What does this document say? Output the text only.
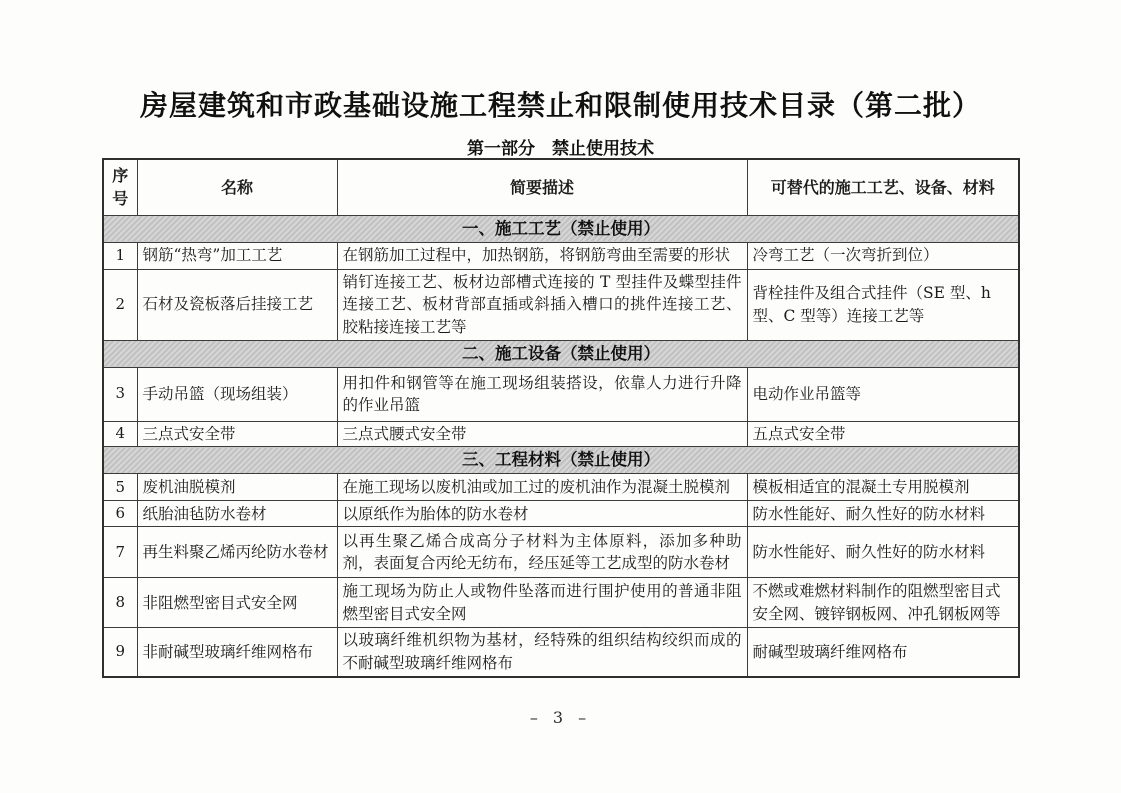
房屋建筑和市政基础设施工程禁止和限制使用技术目录（第二批）
第一部分　禁止使用技术
序号	名称	简要描述	可替代的施工工艺、设备、材料
一、施工工艺（禁止使用）			
1	钢筋“热弯”加工工艺	在钢筋加工过程中，加热钢筋，将钢筋弯曲至需要的形状	冷弯工艺（一次弯折到位）
2	石材及瓷板落后挂接工艺	销钉连接工艺、板材边部槽式连接的 T 型挂件及蝶型挂件连接工艺、板材背部直插或斜插入槽口的挑件连接工艺、胶粘接连接工艺等	背栓挂件及组合式挂件（SE 型、h 型、C 型等）连接工艺等
二、施工设备（禁止使用）			
3	手动吊篮（现场组装）	用扣件和钢管等在施工现场组装搭设，依靠人力进行升降的作业吊篮	电动作业吊篮等
4	三点式安全带	三点式腰式安全带	五点式安全带
三、工程材料（禁止使用）			
5	废机油脱模剂	在施工现场以废机油或加工过的废机油作为混凝土脱模剂	模板相适宜的混凝土专用脱模剂
6	纸胎油毡防水卷材	以原纸作为胎体的防水卷材	防水性能好、耐久性好的防水材料
7	再生料聚乙烯丙纶防水卷材	以再生聚乙烯合成高分子材料为主体原料，添加多种助剂，表面复合丙纶无纺布，经压延等工艺成型的防水卷材	防水性能好、耐久性好的防水材料
8	非阻燃型密目式安全网	施工现场为防止人或物件坠落而进行围护使用的普通非阻燃型密目式安全网	不燃或难燃材料制作的阻燃型密目式安全网、镀锌钢板网、冲孔钢板网等
9	非耐碱型玻璃纤维网格布	以玻璃纤维机织物为基材，经特殊的组织结构绞织而成的不耐碱型玻璃纤维网格布	耐碱型玻璃纤维网格布
– 3 –
